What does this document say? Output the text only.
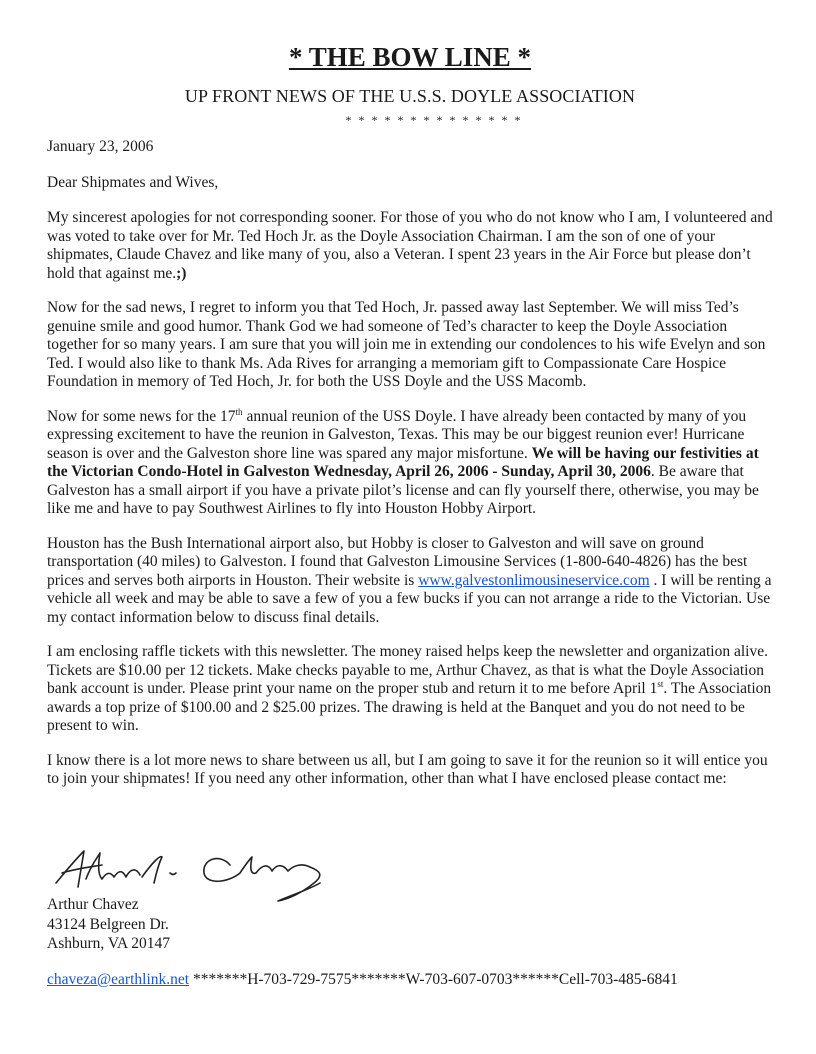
* THE BOW LINE *
UP FRONT NEWS OF THE U.S.S. DOYLE ASSOCIATION
* * * * * * * * * * * * * *
January 23, 2006
Dear Shipmates and Wives,

My sincerest apologies for not corresponding sooner. For those of you who do not know who I am, I volunteered and was voted to take over for Mr. Ted Hoch Jr. as the Doyle Association Chairman. I am the son of one of your shipmates, Claude Chavez and like many of you, also a Veteran. I spent 23 years in the Air Force but please don’t hold that against me.;)

Now for the sad news, I regret to inform you that Ted Hoch, Jr. passed away last September. We will miss Ted’s genuine smile and good humor. Thank God we had someone of Ted’s character to keep the Doyle Association together for so many years. I am sure that you will join me in extending our condolences to his wife Evelyn and son Ted. I would also like to thank Ms. Ada Rives for arranging a memoriam gift to Compassionate Care Hospice Foundation in memory of Ted Hoch, Jr. for both the USS Doyle and the USS Macomb.

Now for some news for the 17th annual reunion of the USS Doyle. I have already been contacted by many of you expressing excitement to have the reunion in Galveston, Texas. This may be our biggest reunion ever! Hurricane season is over and the Galveston shore line was spared any major misfortune. We will be having our festivities at the Victorian Condo-Hotel in Galveston Wednesday, April 26, 2006 - Sunday, April 30, 2006. Be aware that Galveston has a small airport if you have a private pilot’s license and can fly yourself there, otherwise, you may be like me and have to pay Southwest Airlines to fly into Houston Hobby Airport.

Houston has the Bush International airport also, but Hobby is closer to Galveston and will save on ground transportation (40 miles) to Galveston. I found that Galveston Limousine Services (1-800-640-4826) has the best prices and serves both airports in Houston. Their website is www.galvestonlimousineservice.com . I will be renting a vehicle all week and may be able to save a few of you a few bucks if you can not arrange a ride to the Victorian. Use my contact information below to discuss final details.

I am enclosing raffle tickets with this newsletter. The money raised helps keep the newsletter and organization alive. Tickets are $10.00 per 12 tickets. Make checks payable to me, Arthur Chavez, as that is what the Doyle Association bank account is under. Please print your name on the proper stub and return it to me before April 1st. The Association awards a top prize of $100.00 and 2 $25.00 prizes. The drawing is held at the Banquet and you do not need to be present to win.

I know there is a lot more news to share between us all, but I am going to save it for the reunion so it will entice you to join your shipmates! If you need any other information, other than what I have enclosed please contact me:

Arthur Chavez
43124 Belgreen Dr.
Ashburn, VA 20147
chaveza@earthlink.net *******H-703-729-7575*******W-703-607-0703******Cell-703-485-6841
